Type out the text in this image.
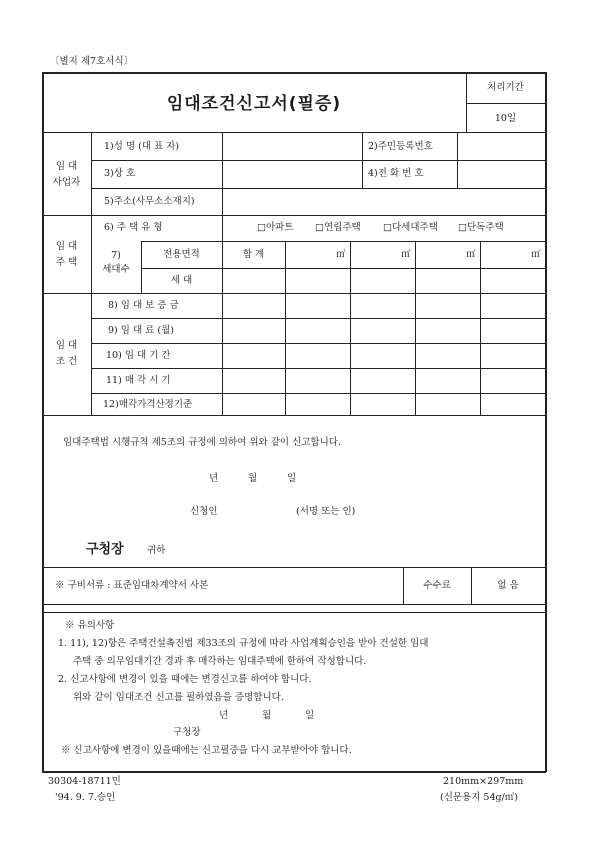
〔별지 제7호서식〕
임대조건신고서(필증)
처리기간
10일
임 대
사업자
1)성 명 (대 표 자)	2)주민등록번호
3)상 호	4)전 화 번 호
5)주소(사무소소재지)
임 대
주 택
6) 주 택 유 형	□아파트 □연립주택 □다세대주택 □단독주택
7)
세대수
전용면적	합 계	㎡	㎡	㎡	㎡
세 대
임 대
조 건
8) 임 대 보 증 금
9) 임 대 료 (월)
10) 임 대 기 간
11) 매 각 시 기
12)매각가격산정기준
임대주택법 시행규칙 제5조의 규정에 의하여 위와 같이 신고합니다.
년	월	일
신청인	(서명 또는 인)
구청장 귀하
※ 구비서류 : 표준임대차계약서 사본	수수료	없 음
※ 유의사항
1. 11), 12)항은 주택건설촉진법 제33조의 규정에 따라 사업계획승인을 받아 건설한 임대
주택 중 의무임대기간 경과 후 매각하는 임대주택에 한하여 작성합니다.
2. 신고사항에 변경이 있을 때에는 변경신고를 하여야 합니다.
위와 같이 임대조건 신고를 필하였음을 증명합니다.
년	월	일
구청장
※ 신고사항에 변경이 있을때에는 신고필증을 다시 교부받아야 합니다.
30304-18711민	210mm×297mm
'94. 9. 7.승인	(신문용지 54g/㎡)
